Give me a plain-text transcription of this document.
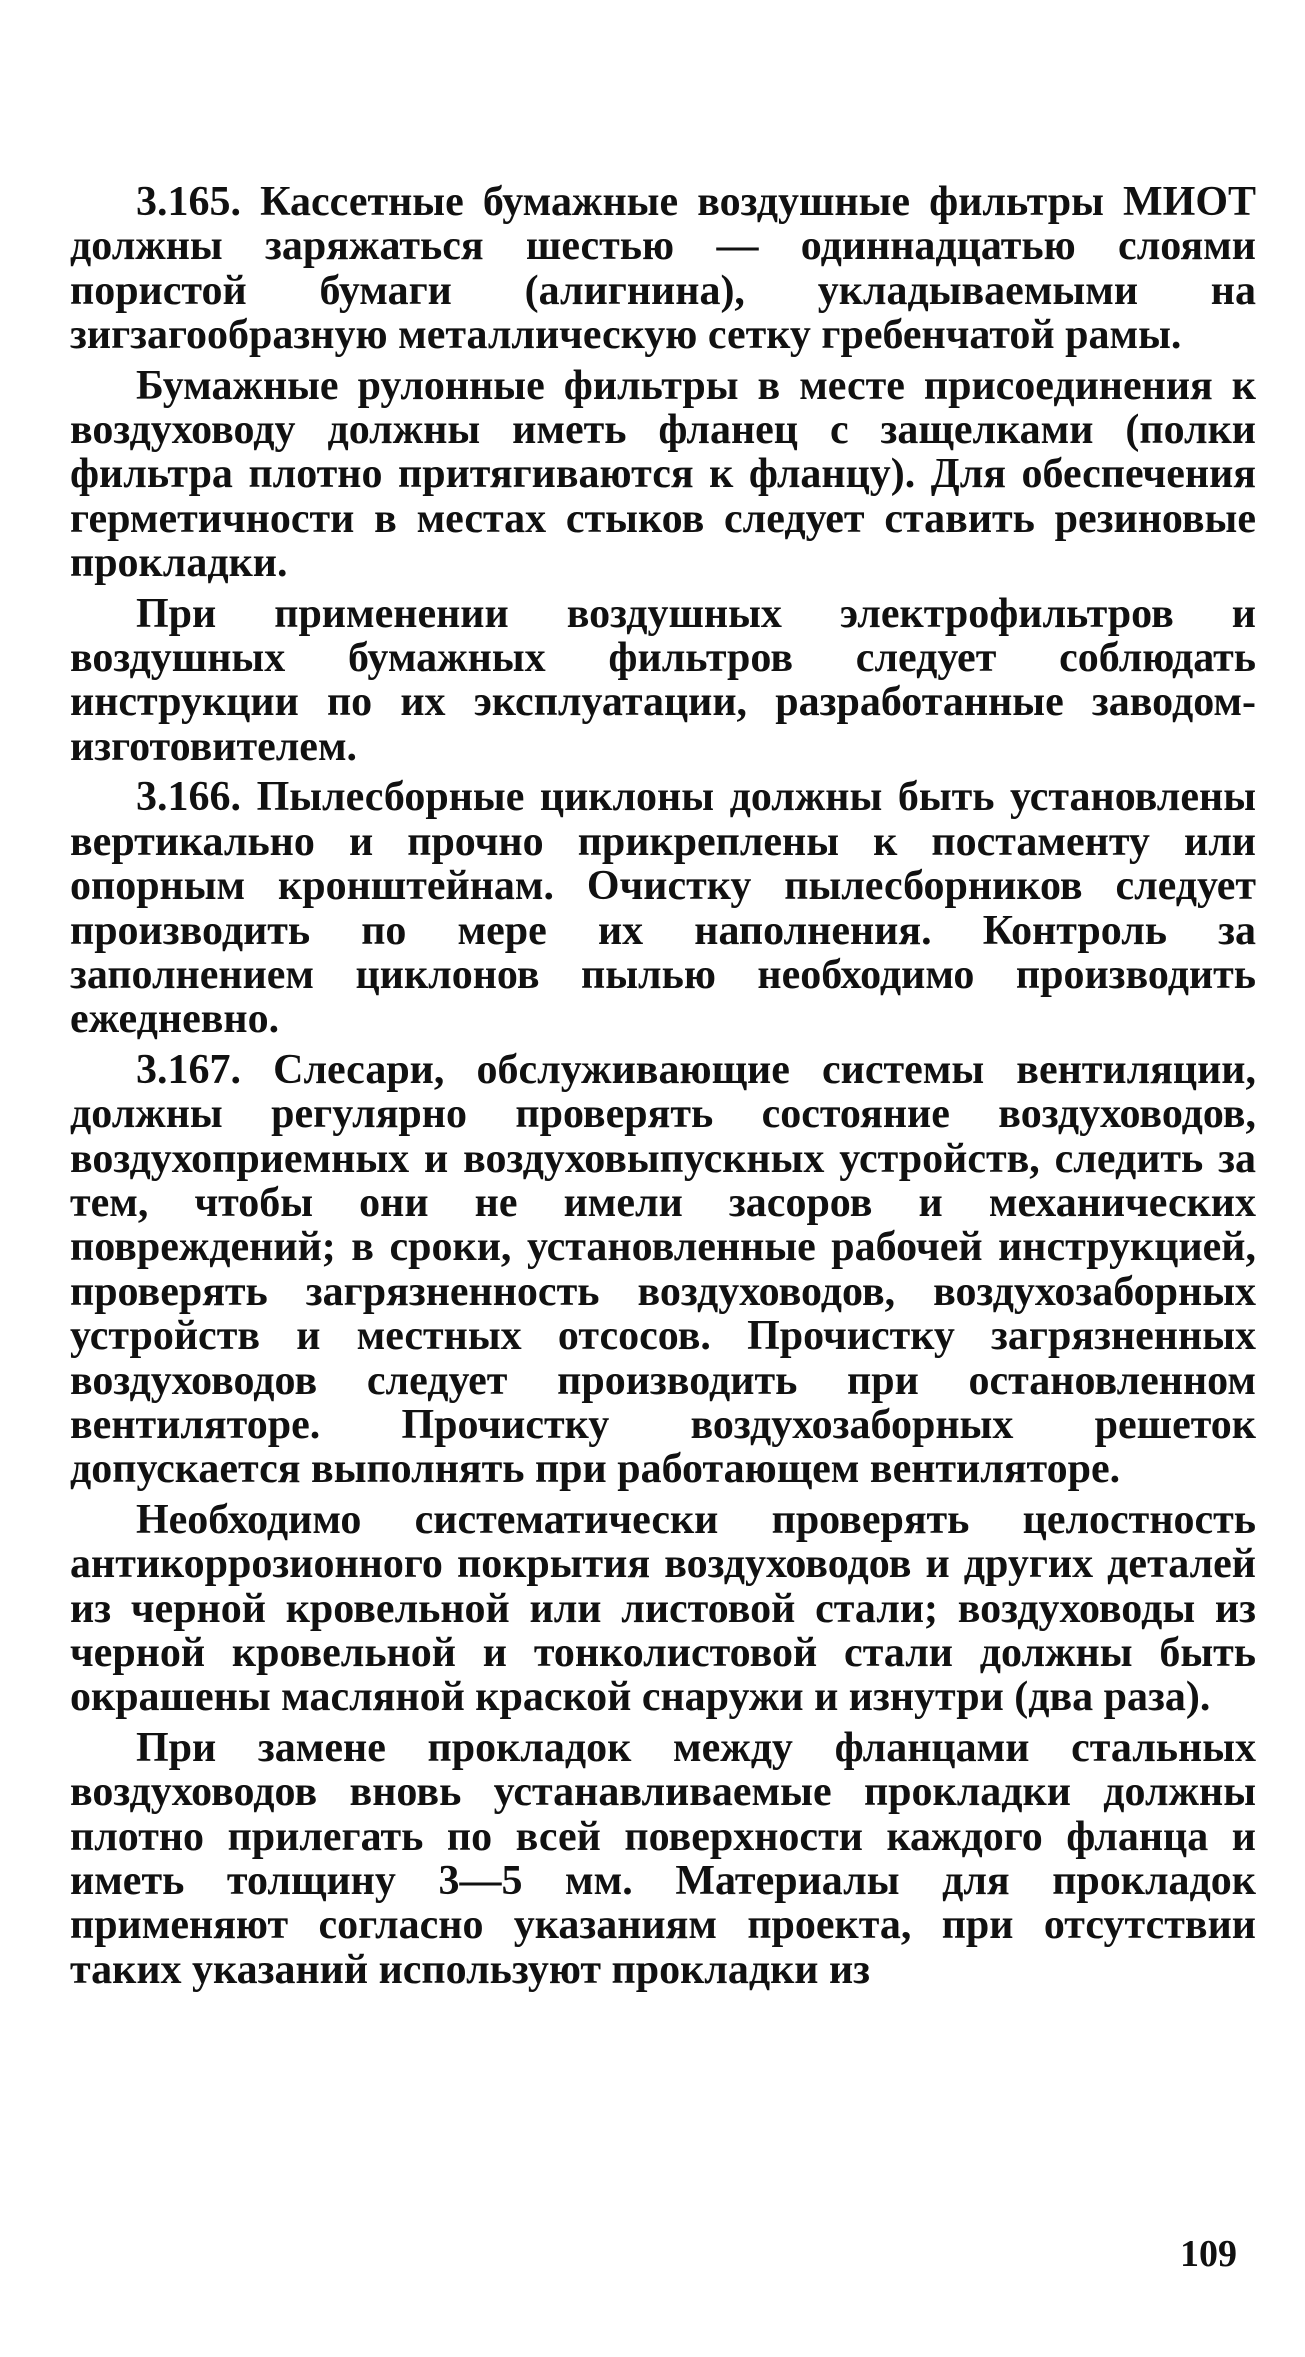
3.165. Кассетные бумажные воздушные фильтры МИОТ должны заряжаться шестью — одиннадцатью слоями пористой бумаги (алигнина), укладываемыми на зигзагообразную металлическую сетку гребенчатой рамы.

Бумажные рулонные фильтры в месте присоединения к воздуховоду должны иметь фланец с защелками (полки фильтра плотно притягиваются к фланцу). Для обеспечения герметичности в местах стыков следует ставить резиновые прокладки.

При применении воздушных электрофильтров и воздушных бумажных фильтров следует соблюдать инструкции по их эксплуатации, разработанные заводом-изготовителем.

3.166. Пылесборные циклоны должны быть установлены вертикально и прочно прикреплены к постаменту или опорным кронштейнам. Очистку пылесборников следует производить по мере их наполнения. Контроль за заполнением циклонов пылью необходимо производить ежедневно.

3.167. Слесари, обслуживающие системы вентиляции, должны регулярно проверять состояние воздуховодов, воздухоприемных и воздуховыпускных устройств, следить за тем, чтобы они не имели засоров и механических повреждений; в сроки, установленные рабочей инструкцией, проверять загрязненность воздуховодов, воздухозаборных устройств и местных отсосов. Прочистку загрязненных воздуховодов следует производить при остановленном вентиляторе. Прочистку воздухозаборных решеток допускается выполнять при работающем вентиляторе.

Необходимо систематически проверять целостность антикоррозионного покрытия воздуховодов и других деталей из черной кровельной или листовой стали; воздуховоды из черной кровельной и тонколистовой стали должны быть окрашены масляной краской снаружи и изнутри (два раза).

При замене прокладок между фланцами стальных воздуховодов вновь устанавливаемые прокладки должны плотно прилегать по всей поверхности каждого фланца и иметь толщину 3—5 мм. Материалы для прокладок применяют согласно указаниям проекта, при отсутствии таких указаний используют прокладки из

109
